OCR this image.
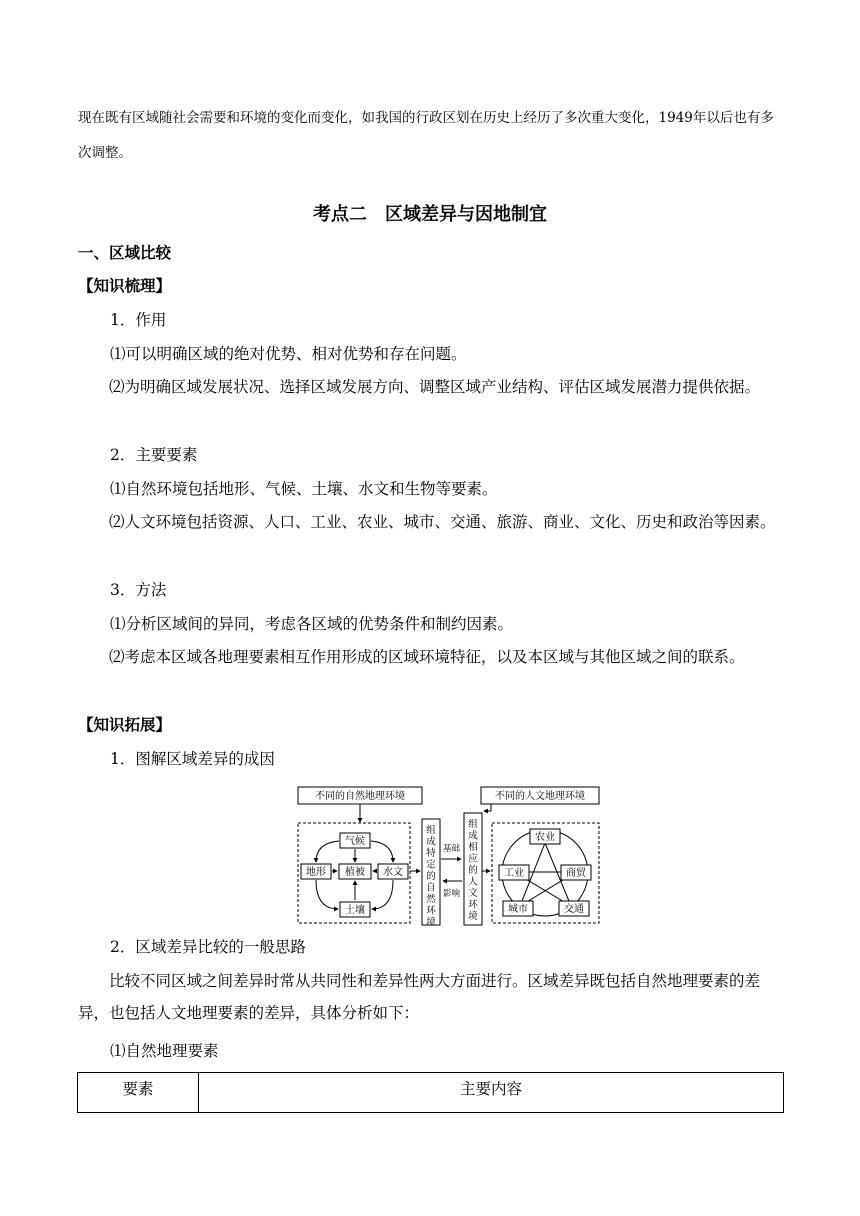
现在既有区域随社会需要和环境的变化而变化，如我国的行政区划在历史上经历了多次重大变化，1949年以后也有多次调整。

考点二　区域差异与因地制宜
一、区域比较
【知识梳理】
1．作用
⑴可以明确区域的绝对优势、相对优势和存在问题。

⑵为明确区域发展状况、选择区域发展方向、调整区域产业结构、评估区域发展潜力提供依据。

2．主要要素
⑴自然环境包括地形、气候、土壤、水文和生物等要素。

⑵人文环境包括资源、人口、工业、农业、城市、交通、旅游、商业、文化、历史和政治等因素。

3．方法
⑴分析区域间的异同，考虑各区域的优势条件和制约因素。

⑵考虑本区域各地理要素相互作用形成的区域环境特征，以及本区域与其他区域之间的联系。

【知识拓展】
1．图解区域差异的成因
不同的自然地理环境
气候
地形 植被 水文
土壤
组成特定的自然环境
组成相应的人文环境
基础
影响
不同的人文地理环境
农业
工业	商贸
城市	交通
2．区域差异比较的一般思路

比较不同区域之间差异时常从共同性和差异性两大方面进行。区域差异既包括自然地理要素的差异，也包括人文地理要素的差异，具体分析如下：

⑴自然地理要素
要素	主要内容
